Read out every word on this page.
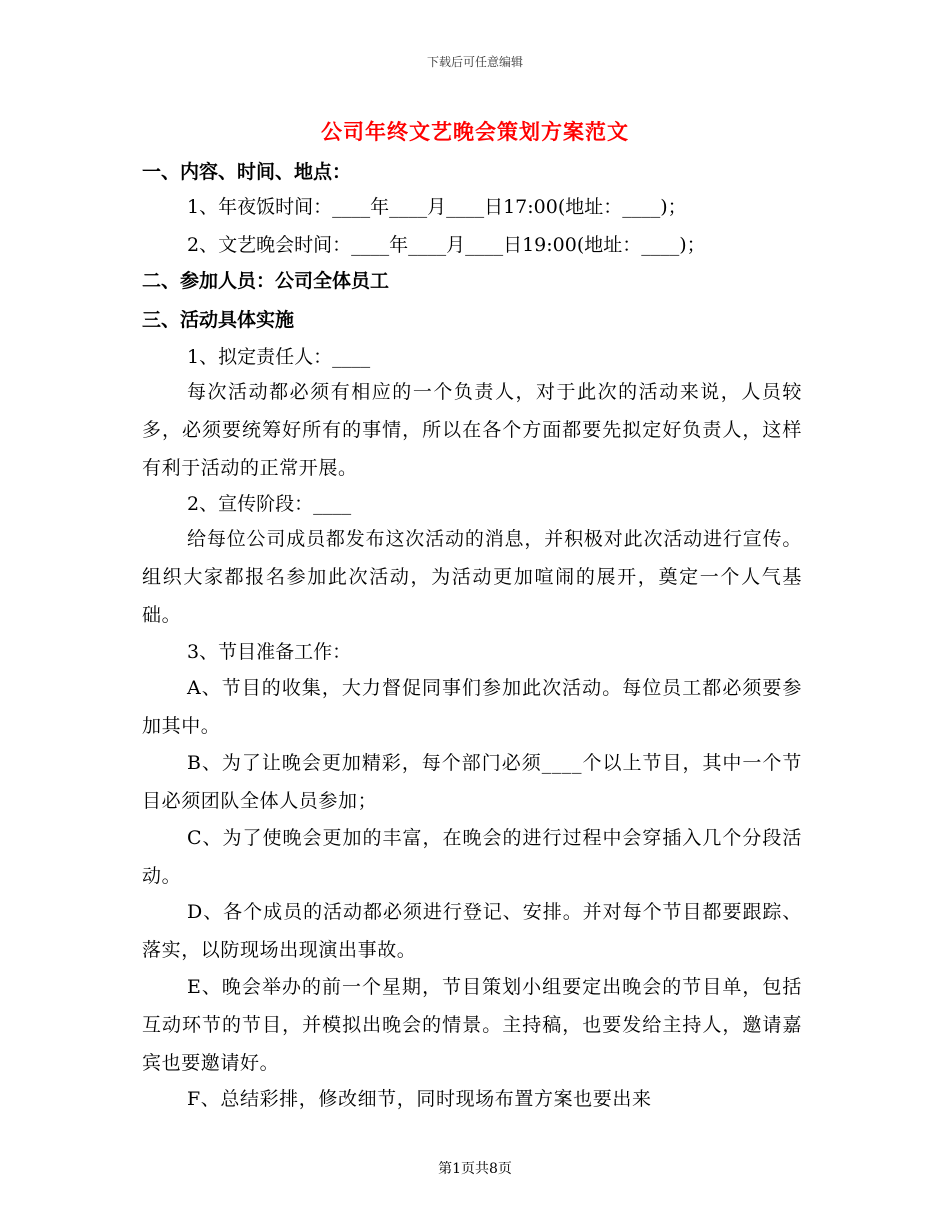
下载后可任意编辑
公司年终文艺晚会策划方案范文
一、内容、时间、地点：
1、年夜饭时间：____年____月____日17:00(地址：____)；
2、文艺晚会时间：____年____月____日19:00(地址：____)；
二、参加人员：公司全体员工
三、活动具体实施
1、拟定责任人：____
每次活动都必须有相应的一个负责人，对于此次的活动来说，人员较多，必须要统筹好所有的事情，所以在各个方面都要先拟定好负责人，这样有利于活动的正常开展。
2、宣传阶段：____
给每位公司成员都发布这次活动的消息，并积极对此次活动进行宣传。组织大家都报名参加此次活动，为活动更加喧闹的展开，奠定一个人气基础。
3、节目准备工作：
A、节目的收集，大力督促同事们参加此次活动。每位员工都必须要参加其中。
B、为了让晚会更加精彩，每个部门必须____个以上节目，其中一个节目必须团队全体人员参加；
C、为了使晚会更加的丰富，在晚会的进行过程中会穿插入几个分段活动。
D、各个成员的活动都必须进行登记、安排。并对每个节目都要跟踪、落实，以防现场出现演出事故。
E、晚会举办的前一个星期，节目策划小组要定出晚会的节目单，包括互动环节的节目，并模拟出晚会的情景。主持稿，也要发给主持人，邀请嘉宾也要邀请好。
F、总结彩排，修改细节，同时现场布置方案也要出来
第1页共8页
